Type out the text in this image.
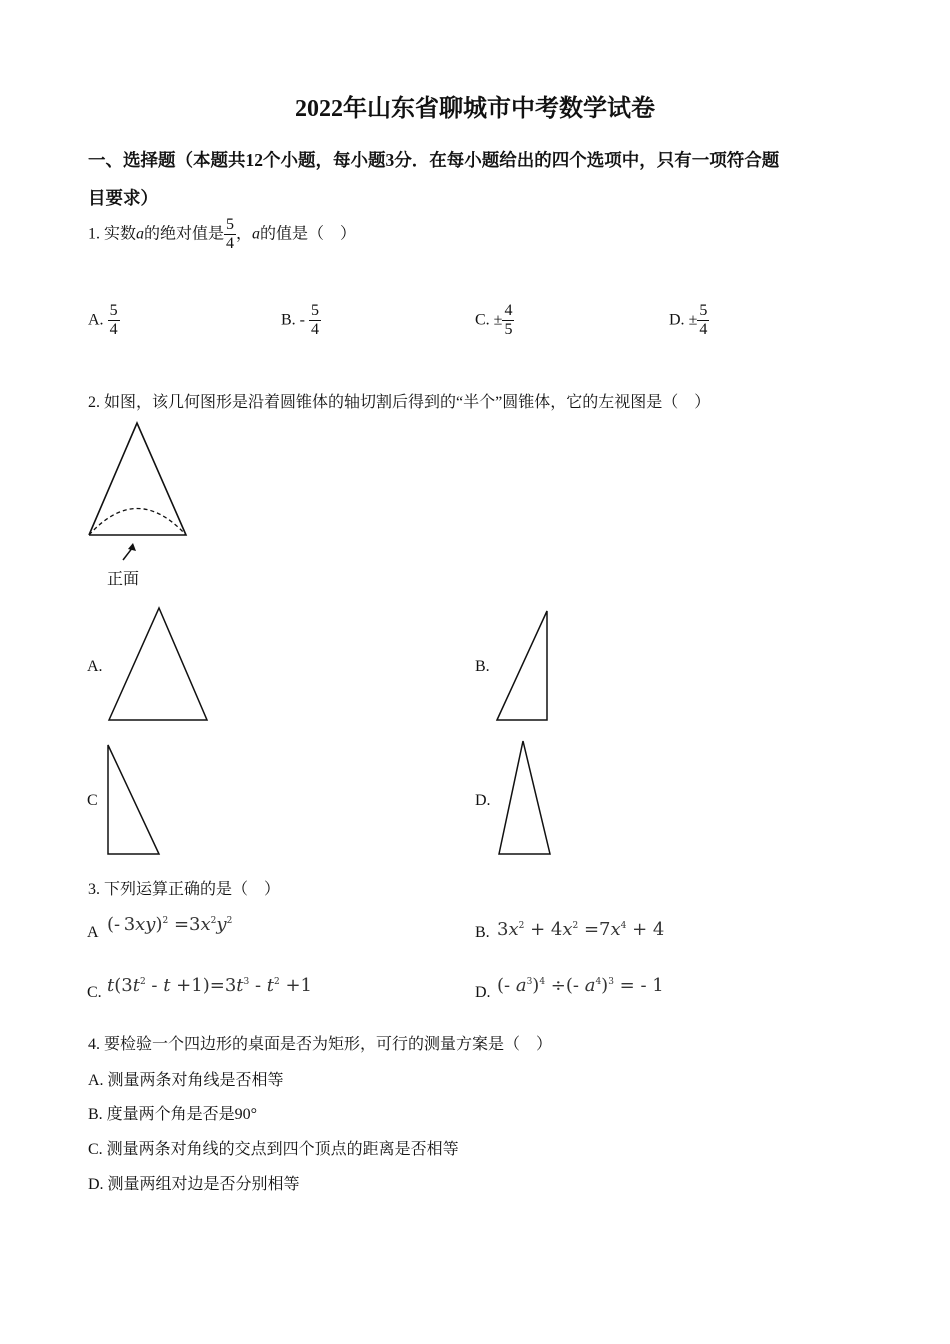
2022年山东省聊城市中考数学试卷
一、选择题（本题共12个小题，每小题3分．在每小题给出的四个选项中，只有一项符合题
目要求）
1. 实数a的绝对值是 $\frac{5}{4}$ ，a的值是（　）
A. $\frac{5}{4}$	B. - $\frac{5}{4}$	C. ± $\frac{4}{5}$	D. ± $\frac{5}{4}$
2. 如图，该几何图形是沿着圆锥体的轴切割后得到的“半个”圆锥体，它的左视图是（　）
正面
A.	B.
C	D.
3. 下列运算正确的是（　）
A (- $3xy)^2 =3x^2y^2$
B. $3x^2 + 4x^2 =7x^4 + 4$
C. $t(3t^2 - t +1)=3t^3 - t^2 +1$	D. (- $a^3)^4$ ÷(- $a^4)^3$ = - 1
4. 要检验一个四边形的桌面是否为矩形，可行的测量方案是（　）
A. 测量两条对角线是否相等
B. 度量两个角是否是90°
C. 测量两条对角线的交点到四个顶点的距离是否相等
D. 测量两组对边是否分别相等
